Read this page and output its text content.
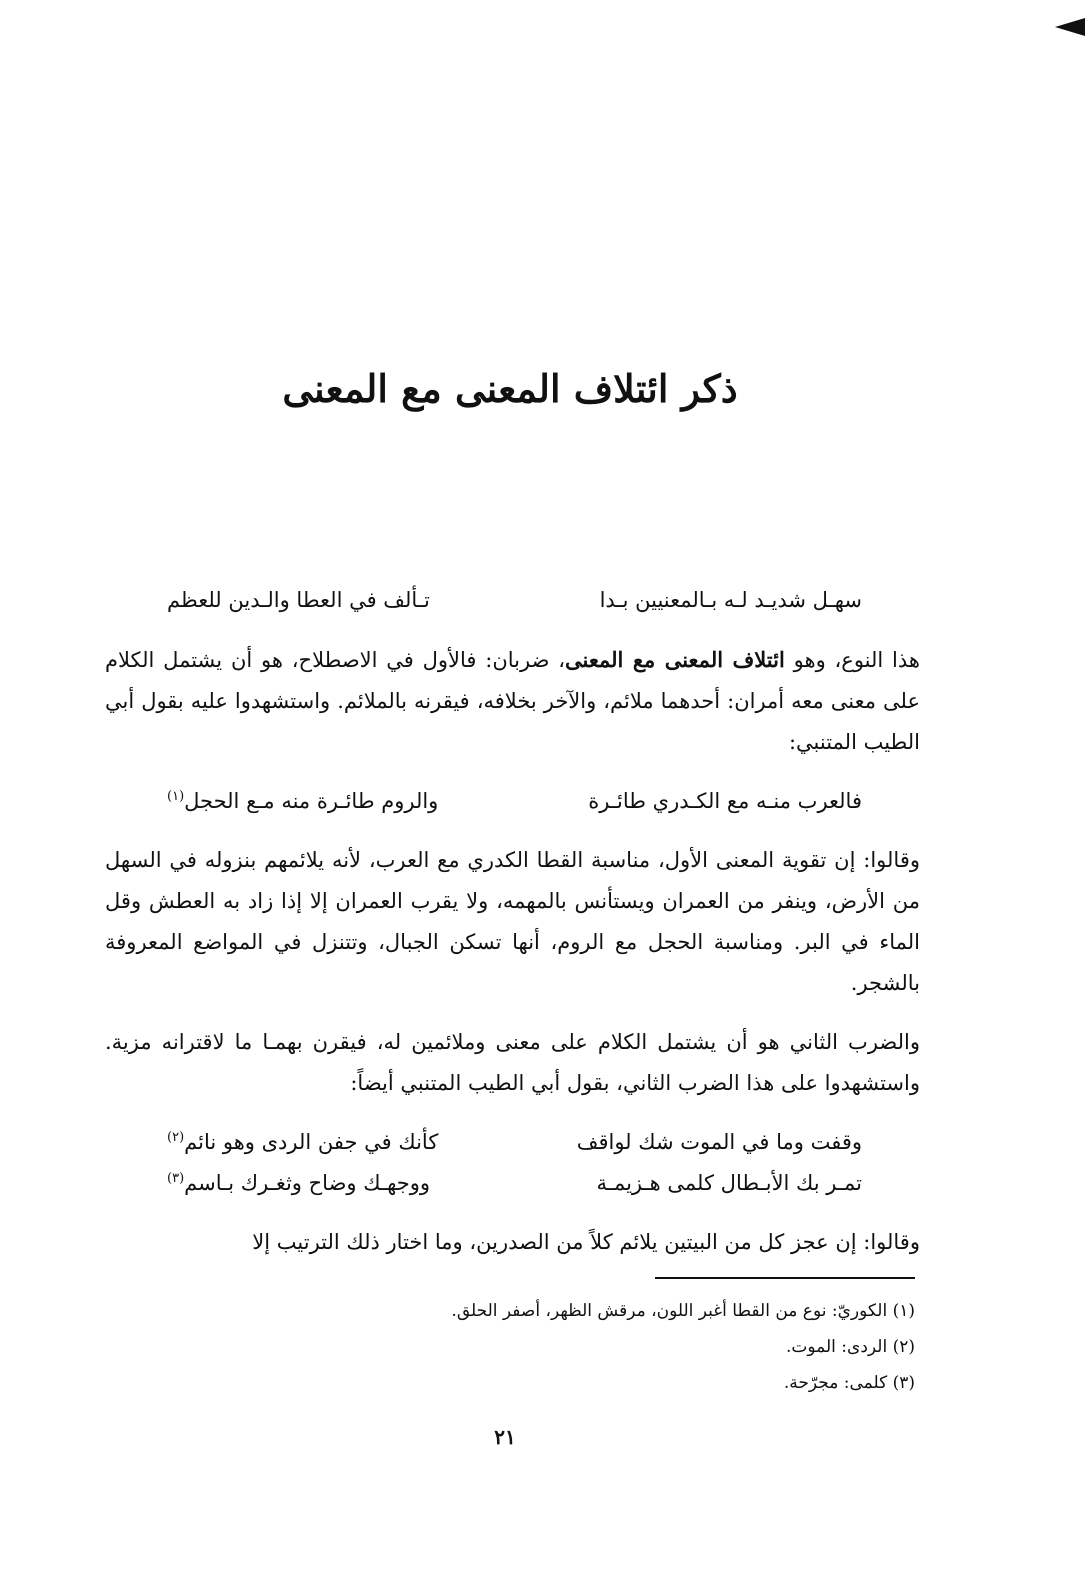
ذكر ائتلاف المعنى مع المعنى
سهـل شديـد لـه بـالمعنيين بـدا
تـألف في العطا والـدين للعظم

هذا النوع، وهو ائتلاف المعنى مع المعنى، ضربان: فالأول في الاصطلاح، هو أن يشتمل الكلام على معنى معه أمران: أحدهما ملائم، والآخر بخلافه، فيقرنه بالملائم. واستشهدوا عليه بقول أبي الطيب المتنبي:

فالعرب منـه مع الكـدري طائـرة
والروم طائـرة منه مـع الحجل$^{(١)}$

وقالوا: إن تقوية المعنى الأول، مناسبة القطا الكدري مع العرب، لأنه يلائمهم بنزوله في السهل من الأرض، وينفر من العمران ويستأنس بالمهمه، ولا يقرب العمران إلا إذا زاد به العطش وقل الماء في البر. ومناسبة الحجل مع الروم، أنها تسكن الجبال، وتتنزل في المواضع المعروفة بالشجر.

والضرب الثاني هو أن يشتمل الكلام على معنى وملائمين له، فيقرن بهمـا ما لاقترانه مزية. واستشهدوا على هذا الضرب الثاني، بقول أبي الطيب المتنبي أيضاً:

وقفت وما في الموت شك لواقف
كأنك في جفن الردى وهو نائم$^{(٢)}$
تمـر بك الأبـطال كلمى هـزيمـة
ووجهـك وضاح وثغـرك بـاسم$^{(٣)}$

وقالوا: إن عجز كل من البيتين يلائم كلاً من الصدرين، وما اختار ذلك الترتيب إلا

(١) الكوريّ: نوع من القطا أغبر اللون، مرقش الظهر، أصفر الحلق.
(٢) الردى: الموت.
(٣) كلمى: مجرّحة.
٢١
